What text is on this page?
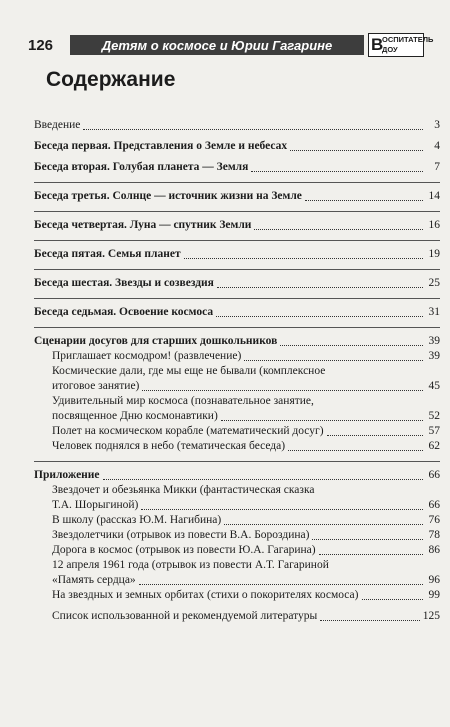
126	Детям о космосе и Юрии Гагарине	В
ОСПИТАТЕЛЬ
ДОУ
Содержание
Введение	3
Беседа первая. Представления о Земле и небесах	4
Беседа вторая. Голубая планета — Земля	7
Беседа третья. Солнце — источник жизни на Земле	14
Беседа четвертая. Луна — спутник Земли	16
Беседа пятая. Семья планет	19
Беседа шестая. Звезды и созвездия	25
Беседа седьмая. Освоение космоса	31
Сценарии досугов для старших дошкольников	39
Приглашает космодром! (развлечение)	39
Космические дали, где мы еще не бывали (комплексное
итоговое занятие)	45
Удивительный мир космоса (познавательное занятие,
посвященное Дню космонавтики)	52
Полет на космическом корабле (математический досуг)	57
Человек поднялся в небо (тематическая беседа)	62
Приложение	66
Звездочет и обезьянка Микки (фантастическая сказка
Т.А. Шорыгиной)	66
В школу (рассказ Ю.М. Нагибина)	76
Звездолетчики (отрывок из повести В.А. Бороздина)	78
Дорога в космос (отрывок из повести Ю.А. Гагарина)	86
12 апреля 1961 года (отрывок из повести А.Т. Гагариной
«Память сердца»	96
На звездных и земных орбитах (стихи о покорителях космоса)	99
Список использованной и рекомендуемой литературы	125
